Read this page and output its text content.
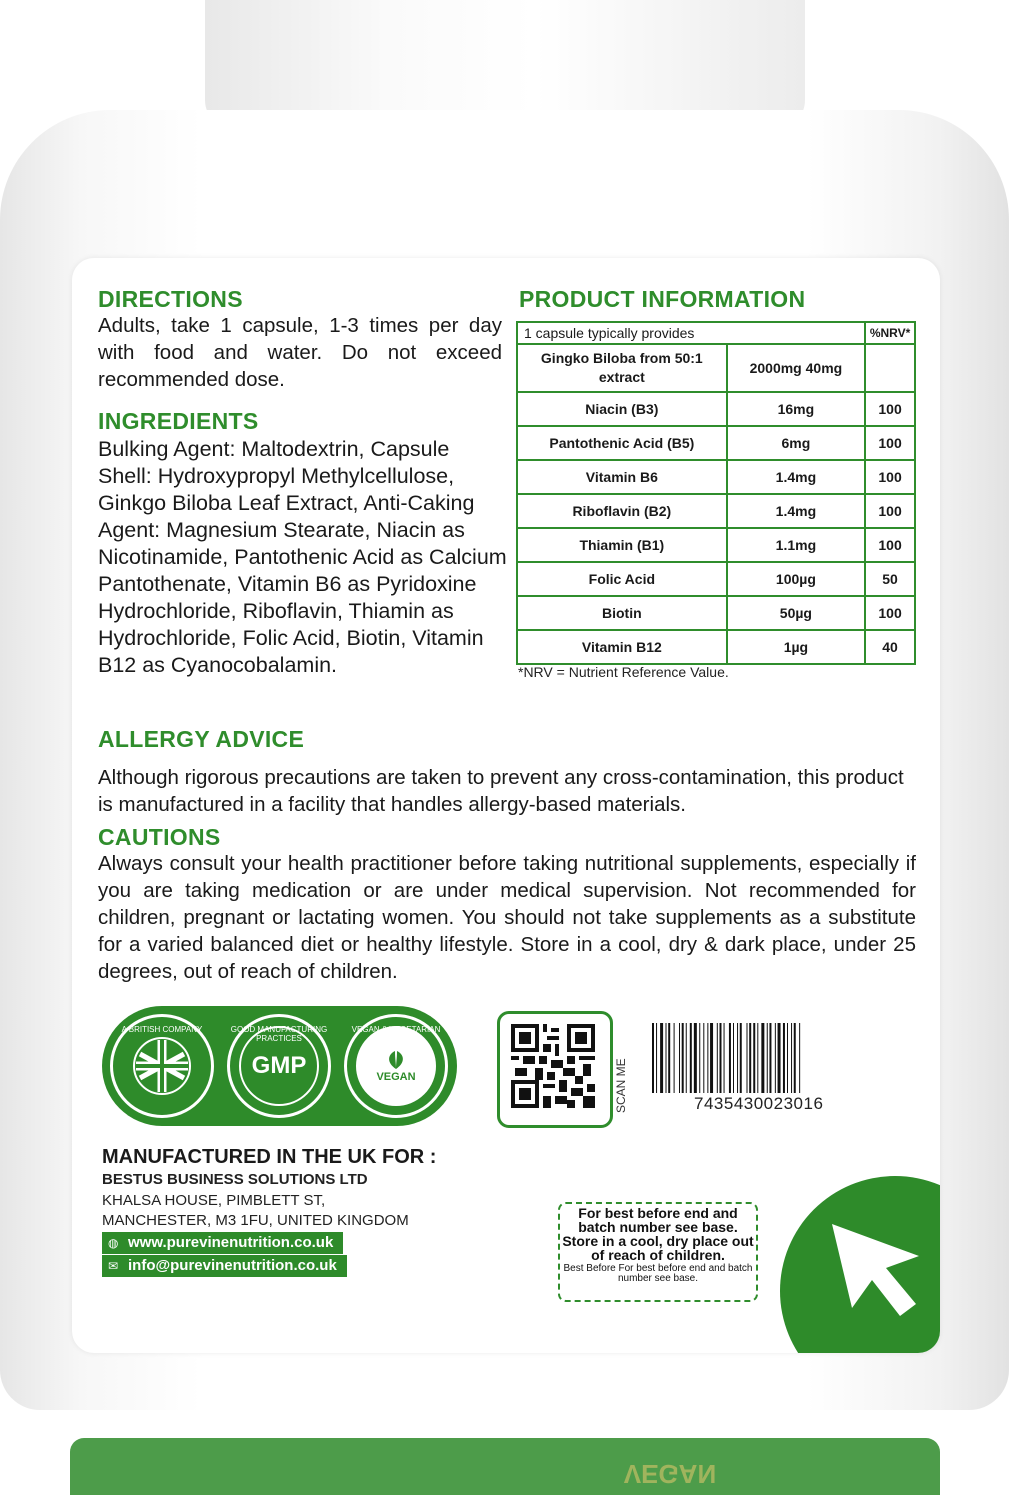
VEGAN
DIRECTIONS

Adults, take 1 capsule, 1-3 times per day with food and water. Do not exceed recommended dose.

INGREDIENTS

Bulking Agent: Maltodextrin, Capsule Shell: Hydroxypropyl Methylcellulose, Ginkgo Biloba Leaf Extract, Anti-Caking Agent: Magnesium Stearate, Niacin as Nicotinamide, Pantothenic Acid as Calcium Pantothenate, Vitamin B6 as Pyridoxine Hydrochloride, Riboflavin, Thiamin as Hydrochloride, Folic Acid, Biotin, Vitamin B12 as Cyanocobalamin.

PRODUCT INFORMATION
1 capsule typically provides		%NRV*
Gingko Biloba from 50:1 extract	2000mg 40mg	
Niacin (B3)	16mg	100
Pantothenic Acid (B5)	6mg	100
Vitamin B6	1.4mg	100
Riboflavin (B2)	1.4mg	100
Thiamin (B1)	1.1mg	100
Folic Acid	100µg	50
Biotin	50µg	100
Vitamin B12	1µg	40
*NRV = Nutrient Reference Value.
ALLERGY ADVICE

Although rigorous precautions are taken to prevent any cross-contamination, this product is manufactured in a facility that handles allergy-based materials.

CAUTIONS

Always consult your health practitioner before taking nutritional supplements, especially if you are taking medication or are under medical supervision. Not recommended for children, pregnant or lactating women. You should not take supplements as a substitute for a varied balanced diet or healthy lifestyle. Store in a cool, dry & dark place, under 25 degrees, out of reach of children.

A BRITISH COMPANY	GOOD MANUFACTURING PRACTICES
GMP
VEGAN & VEGETARIAN
VEGAN	SCAN ME	7435430023016
MANUFACTURED IN THE UK FOR :
BESTUS BUSINESS SOLUTIONS LTD
KHALSA HOUSE, PIMBLETT ST,
MANCHESTER, M3 1FU, UNITED KINGDOM
◍ www.purevinenutrition.co.uk
✉ info@purevinenutrition.co.uk
For best before end and batch number see base. Store in a cool, dry place out of reach of children.
Best Before For best before end and batch number see base.
